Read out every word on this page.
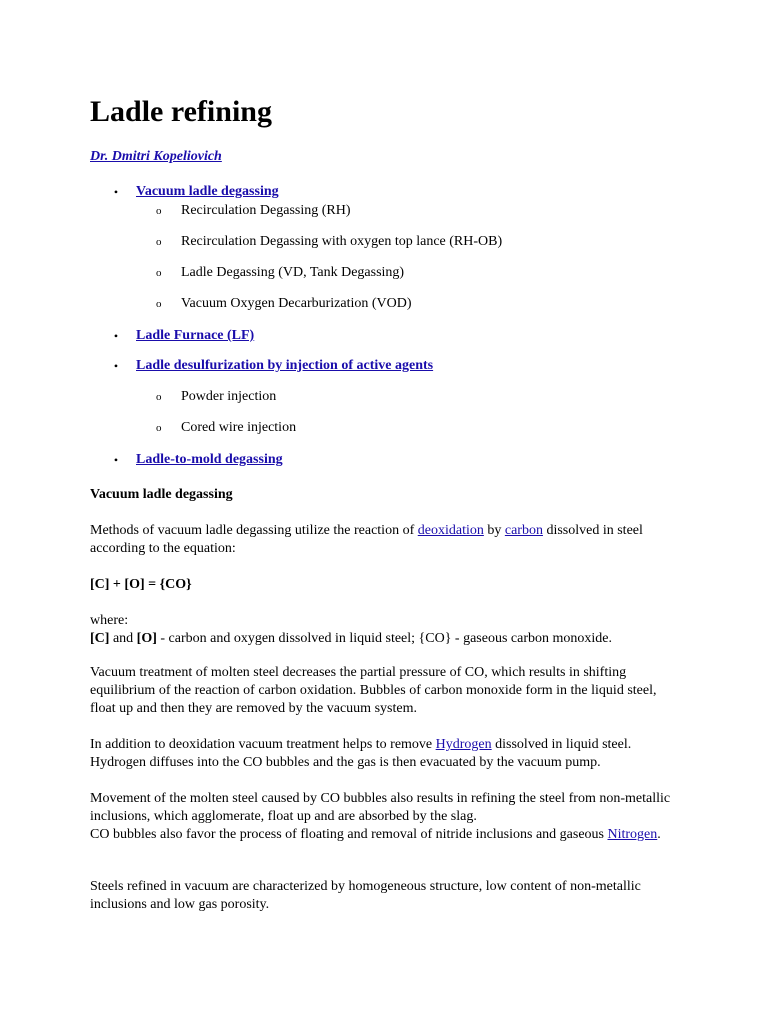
Ladle refining
Dr. Dmitri Kopeliovich
• Vacuum ladle degassing
o Recirculation Degassing (RH)
o Recirculation Degassing with oxygen top lance (RH-OB)
o Ladle Degassing (VD, Tank Degassing)
o Vacuum Oxygen Decarburization (VOD)
• Ladle Furnace (LF)
• Ladle desulfurization by injection of active agents
o Powder injection
o Cored wire injection
• Ladle-to-mold degassing
Vacuum ladle degassing
Methods of vacuum ladle degassing utilize the reaction of deoxidation by carbon dissolved in steel according to the equation:
[C] + [O] = {CO}
where:
[C] and [O] - carbon and oxygen dissolved in liquid steel; {CO} - gaseous carbon monoxide.
Vacuum treatment of molten steel decreases the partial pressure of CO, which results in shifting equilibrium of the reaction of carbon oxidation. Bubbles of carbon monoxide form in the liquid steel, float up and then they are removed by the vacuum system.
In addition to deoxidation vacuum treatment helps to remove Hydrogen dissolved in liquid steel. Hydrogen diffuses into the CO bubbles and the gas is then evacuated by the vacuum pump.
Movement of the molten steel caused by CO bubbles also results in refining the steel from non-metallic inclusions, which agglomerate, float up and are absorbed by the slag.
CO bubbles also favor the process of floating and removal of nitride inclusions and gaseous Nitrogen.
Steels refined in vacuum are characterized by homogeneous structure, low content of non-metallic inclusions and low gas porosity.
